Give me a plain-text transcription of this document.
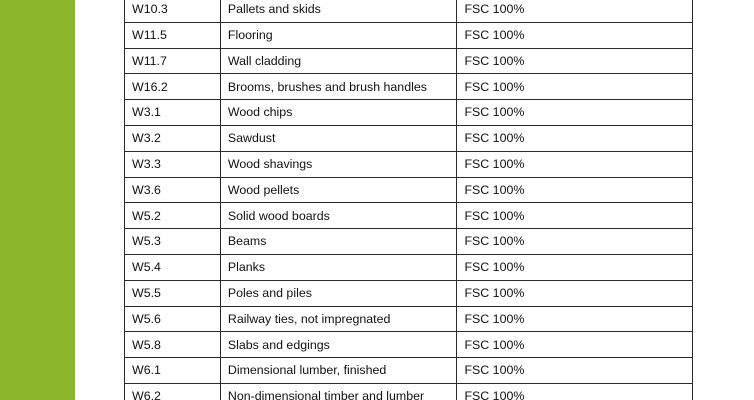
W10.3	Pallets and skids	FSC 100%
W11.5	Flooring	FSC 100%
W11.7	Wall cladding	FSC 100%
W16.2	Brooms, brushes and brush handles	FSC 100%
W3.1	Wood chips	FSC 100%
W3.2	Sawdust	FSC 100%
W3.3	Wood shavings	FSC 100%
W3.6	Wood pellets	FSC 100%
W5.2	Solid wood boards	FSC 100%
W5.3	Beams	FSC 100%
W5.4	Planks	FSC 100%
W5.5	Poles and piles	FSC 100%
W5.6	Railway ties, not impregnated	FSC 100%
W5.8	Slabs and edgings	FSC 100%
W6.1	Dimensional lumber, finished	FSC 100%
W6.2	Non-dimensional timber and lumber	FSC 100%
